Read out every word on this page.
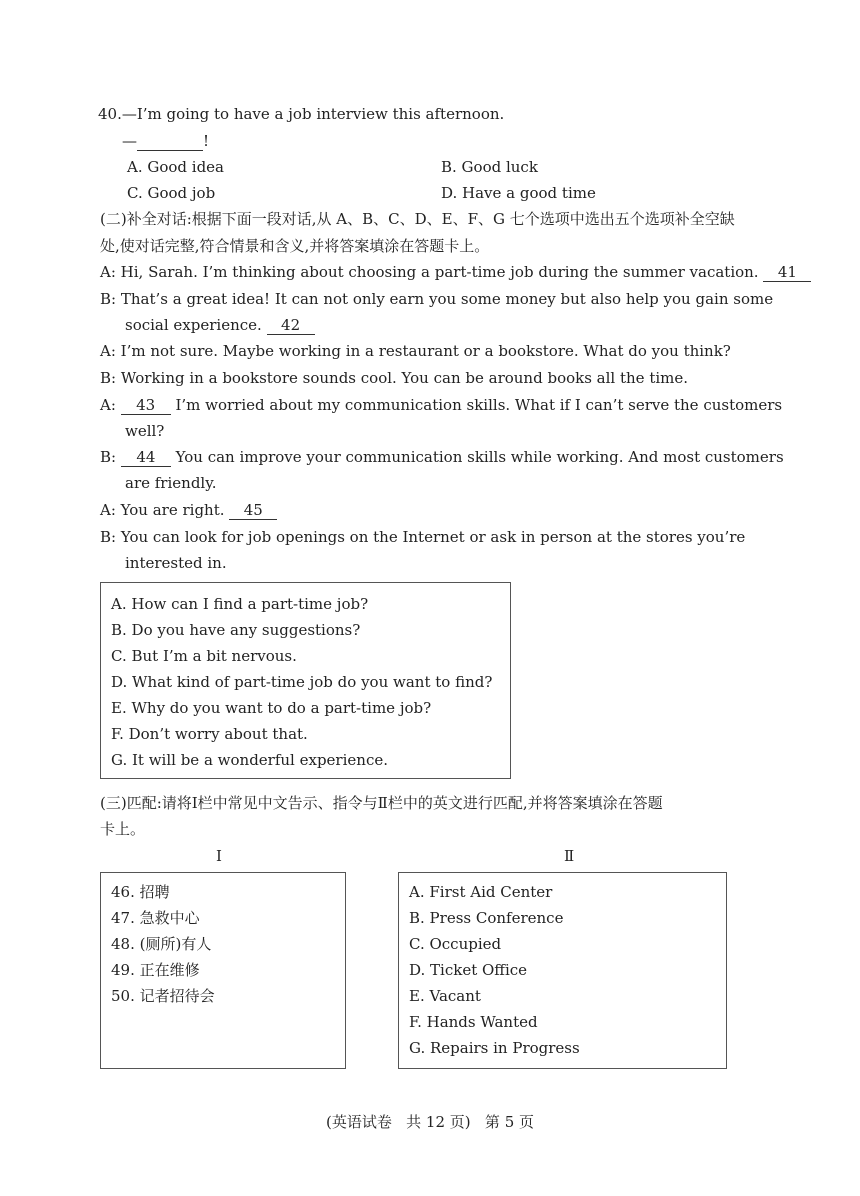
40.—I’m going to have a job interview this afternoon.
—	!
A. Good idea	B. Good luck
C. Good job	D. Have a good time
(二)补全对话:根据下面一段对话,从 A、B、C、D、E、F、G 七个选项中选出五个选项补全空缺
处,使对话完整,符合情景和含义,并将答案填涂在答题卡上。
A: Hi, Sarah. I’m thinking about choosing a part-time job during the summer vacation. 41
B: That’s a great idea! It can not only earn you some money but also help you gain some
social experience. 42
A: I’m not sure. Maybe working in a restaurant or a bookstore. What do you think?
B: Working in a bookstore sounds cool. You can be around books all the time.
A: 43 I’m worried about my communication skills. What if I can’t serve the customers
well?
B: 44 You can improve your communication skills while working. And most customers
are friendly.
A: You are right. 45
B: You can look for job openings on the Internet or ask in person at the stores you’re
interested in.
A. How can I find a part-time job?
B. Do you have any suggestions?
C. But I’m a bit nervous.
D. What kind of part-time job do you want to find?
E. Why do you want to do a part-time job?
F. Don’t worry about that.
G. It will be a wonderful experience.
(三)匹配:请将Ⅰ栏中常见中文告示、指令与Ⅱ栏中的英文进行匹配,并将答案填涂在答题
卡上。
Ⅰ	Ⅱ
46. 招聘
47. 急救中心
48. (厕所)有人
49. 正在维修
50. 记者招待会
A. First Aid Center
B. Press Conference
C. Occupied
D. Ticket Office
E. Vacant
F. Hands Wanted
G. Repairs in Progress
(英语试卷   共 12 页)   第 5 页
